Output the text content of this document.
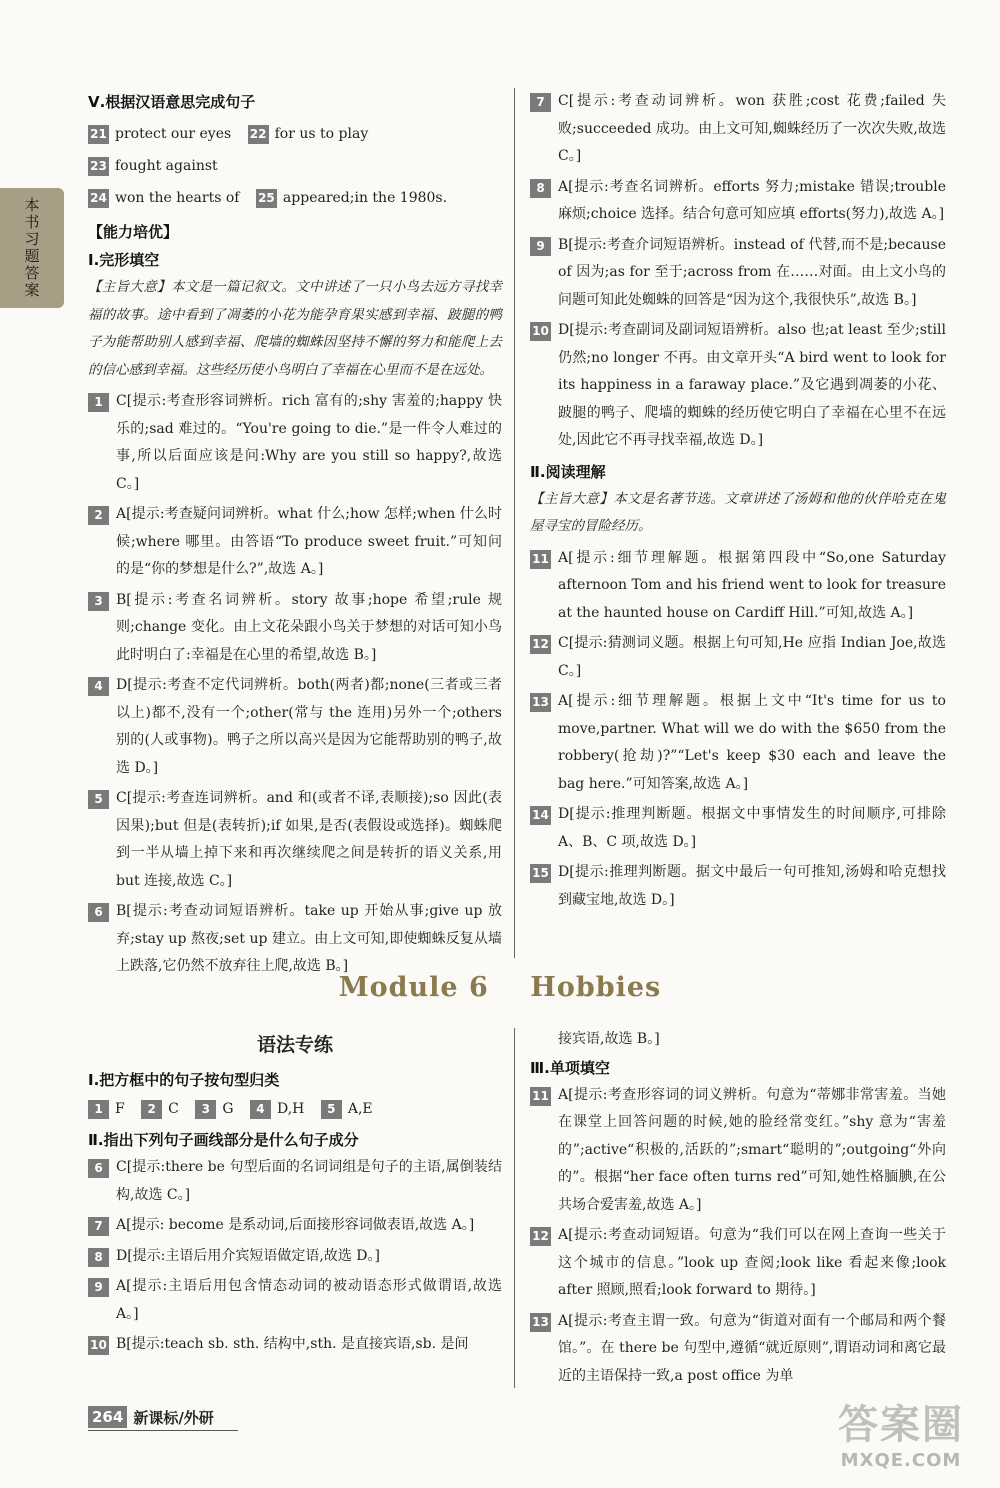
本书习题答案
Ⅴ.根据汉语意思完成句子
21 protect our eyes 22 for us to play 23 fought against
24 won the hearts of 25 appeared;in the 1980s.
【能力培优】
Ⅰ.完形填空
【主旨大意】本文是一篇记叙文。文中讲述了一只小鸟去远方寻找幸福的故事。途中看到了凋萎的小花为能孕育果实感到幸福、跛腿的鸭子为能帮助别人感到幸福、爬墙的蜘蛛因坚持不懈的努力和能爬上去的信心感到幸福。这些经历使小鸟明白了幸福在心里而不是在远处。
1 C[提示:考查形容词辨析。rich 富有的;shy 害羞的;happy 快乐的;sad 难过的。“You're going to die.”是一件令人难过的事,所以后面应该是问:Why are you still so happy?,故选 C。]
2 A[提示:考查疑问词辨析。what 什么;how 怎样;when 什么时候;where 哪里。由答语“To produce sweet fruit.”可知问的是“你的梦想是什么?”,故选 A。]
3 B[提示:考查名词辨析。story 故事;hope 希望;rule 规则;change 变化。由上文花朵跟小鸟关于梦想的对话可知小鸟此时明白了:幸福是在心里的希望,故选 B。]
4 D[提示:考查不定代词辨析。both(两者)都;none(三者或三者以上)都不,没有一个;other(常与 the 连用)另外一个;others 别的(人或事物)。鸭子之所以高兴是因为它能帮助别的鸭子,故选 D。]
5 C[提示:考查连词辨析。and 和(或者不译,表顺接);so 因此(表因果);but 但是(表转折);if 如果,是否(表假设或选择)。蜘蛛爬到一半从墙上掉下来和再次继续爬之间是转折的语义关系,用 but 连接,故选 C。]
6 B[提示:考查动词短语辨析。take up 开始从事;give up 放弃;stay up 熬夜;set up 建立。由上文可知,即使蜘蛛反复从墙上跌落,它仍然不放弃往上爬,故选 B。]
7 C[提示:考查动词辨析。won 获胜;cost 花费;failed 失败;succeeded 成功。由上文可知,蜘蛛经历了一次次失败,故选 C。]
8 A[提示:考查名词辨析。efforts 努力;mistake 错误;trouble 麻烦;choice 选择。结合句意可知应填 efforts(努力),故选 A。]
9 B[提示:考查介词短语辨析。instead of 代替,而不是;because of 因为;as for 至于;across from 在……对面。由上文小鸟的问题可知此处蜘蛛的回答是“因为这个,我很快乐”,故选 B。]
10 D[提示:考查副词及副词短语辨析。also 也;at least 至少;still 仍然;no longer 不再。由文章开头“A bird went to look for its happiness in a faraway place.”及它遇到凋萎的小花、跛腿的鸭子、爬墙的蜘蛛的经历使它明白了幸福在心里不在远处,因此它不再寻找幸福,故选 D。]
Ⅱ.阅读理解
【主旨大意】本文是名著节选。文章讲述了汤姆和他的伙伴哈克在鬼屋寻宝的冒险经历。
11 A[提示:细节理解题。根据第四段中“So,one Saturday afternoon Tom and his friend went to look for treasure at the haunted house on Cardiff Hill.”可知,故选 A。]
12 C[提示:猜测词义题。根据上句可知,He 应指 Indian Joe,故选 C。]
13 A[提示:细节理解题。根据上文中“It's time for us to move,partner. What will we do with the $650 from the robbery(抢劫)?”“Let's keep $30 each and leave the bag here.”可知答案,故选 A。]
14 D[提示:推理判断题。根据文中事情发生的时间顺序,可排除 A、B、C 项,故选 D。]
15 D[提示:推理判断题。据文中最后一句可推知,汤姆和哈克想找到藏宝地,故选 D。]
Module 6    Hobbies
语法专练
Ⅰ.把方框中的句子按句型归类
1 F 2 C 3 G 4 D,H 5 A,E
Ⅱ.指出下列句子画线部分是什么句子成分
6 C[提示:there be 句型后面的名词词组是句子的主语,属倒装结构,故选 C。]
7 A[提示: become 是系动词,后面接形容词做表语,故选 A。]
8 D[提示:主语后用介宾短语做定语,故选 D。]
9 A[提示:主语后用包含情态动词的被动语态形式做谓语,故选 A。]
10 B[提示:teach sb. sth. 结构中,sth. 是直接宾语,sb. 是间
接宾语,故选 B。]
Ⅲ.单项填空
11 A[提示:考查形容词的词义辨析。句意为“蒂娜非常害羞。当她在课堂上回答问题的时候,她的脸经常变红。”shy 意为“害羞的”;active“积极的,活跃的”;smart“聪明的”;outgoing“外向的”。根据“her face often turns red”可知,她性格腼腆,在公共场合爱害羞,故选 A。]
12 A[提示:考查动词短语。句意为“我们可以在网上查询一些关于这个城市的信息。”look up 查阅;look like 看起来像;look after 照顾,照看;look forward to 期待。]
13 A[提示:考查主谓一致。句意为“街道对面有一个邮局和两个餐馆。”。在 there be 句型中,遵循“就近原则”,谓语动词和离它最近的主语保持一致,a post office 为单
264 新课标/外研	答案圈
MXQE.COM
